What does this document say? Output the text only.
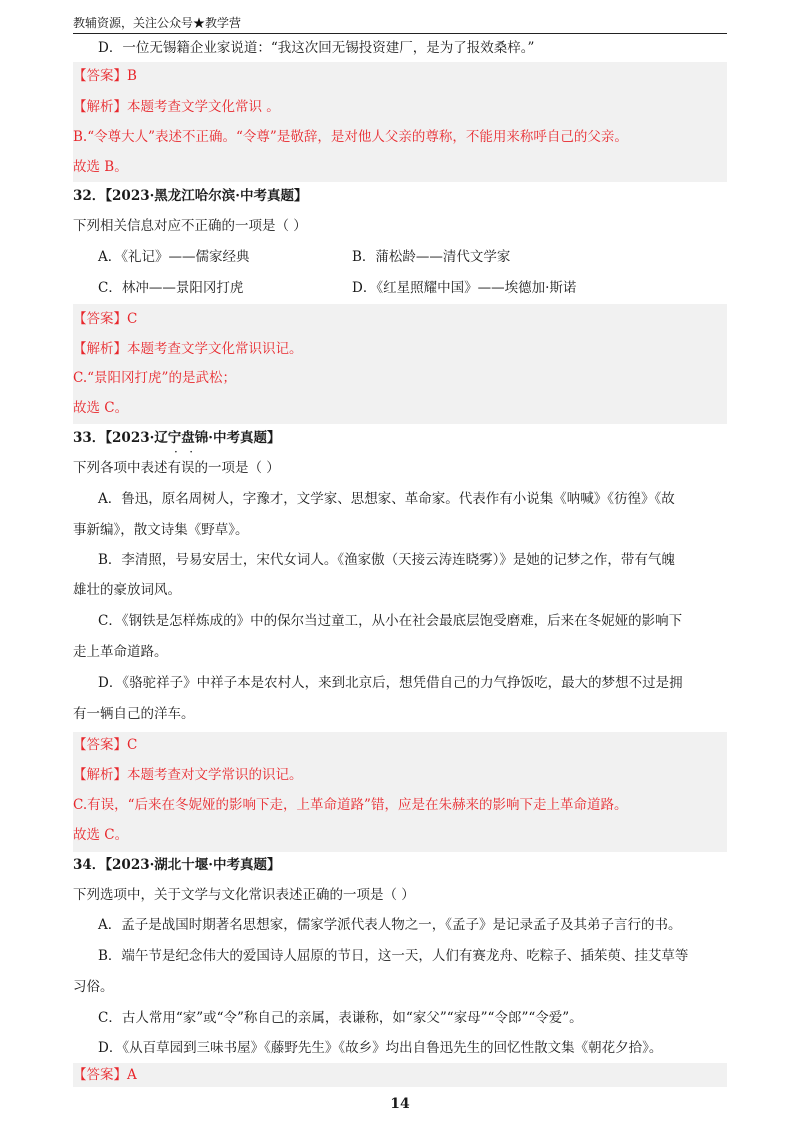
教辅资源，关注公众号★教学营
D．一位无锡籍企业家说道：“我这次回无锡投资建厂，是为了报效桑梓。”
【答案】B
【解析】本题考查文学文化常识 。
B.“令尊大人”表述不正确。“令尊”是敬辞，是对他人父亲的尊称，不能用来称呼自己的父亲。
故选 B。
32．【2023·黑龙江哈尔滨·中考真题】
下列相关信息对应不正确的一项是（ ）
A．《礼记》——儒家经典	B．蒲松龄——清代文学家
C．林冲——景阳冈打虎	D．《红星照耀中国》——埃德加·斯诺
【答案】C
【解析】本题考查文学文化常识识记。
C.“景阳冈打虎”的是武松；
故选 C。
33．【2023·辽宁盘锦·中考真题】
·   ·
下列各项中表述有误的一项是（ ）
A．鲁迅，原名周树人，字豫才，文学家、思想家、革命家。代表作有小说集《呐喊》《彷徨》《故
事新编》，散文诗集《野草》。
B．李清照，号易安居士，宋代女词人。《渔家傲（天接云涛连晓雾）》是她的记梦之作，带有气魄
雄壮的豪放词风。
C．《钢铁是怎样炼成的》中的保尔当过童工，从小在社会最底层饱受磨难，后来在冬妮娅的影响下
走上革命道路。
D．《骆驼祥子》中祥子本是农村人，来到北京后，想凭借自己的力气挣饭吃，最大的梦想不过是拥
有一辆自己的洋车。
【答案】C
【解析】本题考查对文学常识的识记。
C.有误，“后来在冬妮娅的影响下走，上革命道路”错，应是在朱赫来的影响下走上革命道路。
故选 C。
34．【2023·湖北十堰·中考真题】
下列选项中，关于文学与文化常识表述正确的一项是（ ）
A．孟子是战国时期著名思想家，儒家学派代表人物之一，《孟子》是记录孟子及其弟子言行的书。
B．端午节是纪念伟大的爱国诗人屈原的节日，这一天，人们有赛龙舟、吃粽子、插茱萸、挂艾草等
习俗。
C．古人常用“家”或“令”称自己的亲属，表谦称，如“家父”“家母”“令郎”“令爱”。
D．《从百草园到三味书屋》《藤野先生》《故乡》均出自鲁迅先生的回忆性散文集《朝花夕拾》。
【答案】A
14
